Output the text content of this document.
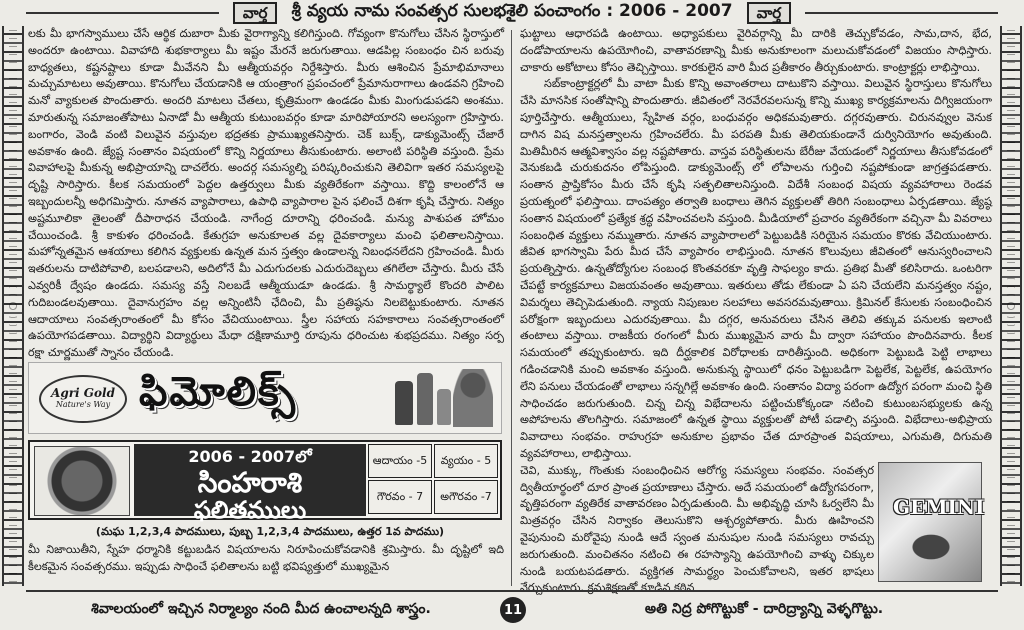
వార్త	శ్రీ వ్యయ నామ సంవత్సర సులభశైలి పంచాంగం : 2006 - 2007	వార్త

లకు మీ భాగస్వాములు చేసే ఆర్థిక దుబారా మీకు వైరాగ్యాన్ని కలిగిస్తుంది. గోవ్యంగా కొనుగోలు చేసిన స్థిరాస్తులో అందరూ ఉంటాయి. వివాహాది శుభకార్యాలు మీ ఇష్టం మేరనే జరుగుతాయి. ఆడపిల్ల సంబంధం చిన బరువు బాధ్యతలు, కష్టనష్టాలు కూడా మీవేనని మీ ఆత్మీయవర్గం నిర్దేశిస్తారు. మీరు ఆశించిన ప్రేమాభిమానాలు మచ్చుమాటలు అవుతాయి. కొనుగోలు చేయడానికి ఆ యంత్రాంగ ప్రపంచంలో ప్రేమానురాగాలు ఉండవని గ్రహించి మనో వ్యాకులత పొందుతారు. అందరి మాటలు చేతలు, కృత్రిమంగా ఉండడం మీకు మింగుడుపడని అంశము. మారుతున్న సమాజంతోపాటు ఏనాడో మీ ఆత్మీయ కుటుంబవర్గం కూడా మారిపోయారని అలస్యంగా గ్రహిస్తారు. బంగారం, వెండి వంటి విలువైన వస్తువుల భద్రతకు ప్రాముఖ్యతనిస్తారు. చెక్ బుక్స్, డాక్యుమెంట్స్ చేజారే అవకాశం ఉంది. జ్యేష్ట సంతానం విషయంలో కొన్ని నిర్ణయాలు తీసుకుంటారు. అలాంటి పరిస్థితి వస్తుంది. ప్రేమ వివాహాలపై మీకున్న అభిప్రాయాన్ని దాచలేరు. అందర్గ సమస్యల్ని పరిష్కరించుకుని తెలివిగా ఇతర సమస్యలపై దృష్టి సారిస్తారు. కీలక సమయంలో పెద్దల ఉత్తర్వులు మీకు వ్యతిరేకంగా వస్తాయి. కొద్ది కాలంలోనే ఆ ఇబ్బందులన్నీ అధిగమిస్తారు. నూతన వ్యాపారాలు, ఉపాధి వ్యాపారాల పైన ఫలించే దిశగా కృషి చేస్తారు. నిత్యం అష్టమూలికా తైలంతో దీపారాధన చేయండి. నాగేంద్ర దూరాన్ని ధరించండి. మన్యు పాశుపత హోమం చేయించండి. శ్రీ కాకుళం ధరించండి. కేతుగ్రహ అనుకూలత వల్ల దైవకార్యాలు మంచి ఫలితాలనిస్తాయి. మహోన్నతమైన ఆశయాలు కలిగిన వ్యక్తులకు ఉన్నత మన స్తత్వం ఉండాలన్న నిబంధనలేదని గ్రహించండి. మీరు ఇతరులను దాటిపోవాలి, బలపడాలని, అదిలోనే మీ ఎదుగుదలకు ఎదురుదెబ్బలు తగిలేలా చేస్తారు. మీరు చేసే ఎవ్వరికీ ద్వేషం ఉండదు. సమస్య వస్తే నిలబడే ఆత్మీయుడూ ఉండడు. శ్రీ సామర్థ్యాలే కొందరి పాలిట గుదిబండలవుతాయి. దైవానుగ్రహం వల్ల అన్నింటినీ ఛేదించి, మీ ప్రతిష్ఠను నిలబెట్టుకుంటారు. నూతన ఆదాయాలు సంవత్సరాంతంలో మీ కోసం వేచియుంటాయి. స్త్రీల సహాయ సహకారాలు సంవత్సరాంతంలో ఉపయోగపడతాయి. విద్యార్థిని విద్యార్థులు మేధా దక్షిణామూర్తి రూపును ధరించుట శుభప్రదము. నిత్యం సర్ప రక్షా చూర్ణముతో స్నానం చేయండి.

Agri Gold
Nature's Way ఫిమోలిక్స్
2006 - 2007లో
సింహరాశి
ఫలితములు
ఆదాయం -5	వ్యయం - 5
గౌరవం - 7	అగౌరవం -7
(మఘ 1,2,3,4 పాదములు, పుబ్బ 1,2,3,4 పాదములు, ఉత్తర 1వ పాదము)
మీ నిజాయితీని, స్నేహ ధర్మానికి కట్టుబడిన విషయాలను నిరూపించుకోవడానికి శ్రమిస్తారు. మీ దృష్టిలో ఇది కీలకమైన సంవత్సరము. ఇప్పుడు సాధించే ఫలితాలను బట్టి భవిష్యత్తులో ముఖ్యమైన

ఘట్టాలు ఆధారపడి ఉంటాయి. అధ్యాపకులు వైరివర్గాన్ని మీ దారికి తెచ్చుకోవడం, సామ,దాన, భేద, దండోపాయాలను ఉపయోగించి, వాతావరణాన్ని మీకు అనుకూలంగా మలుచుకోవడంలో విజయం సాధిస్తారు. చాకారు అకోటాలు కోసం తెచ్చిస్తాయి. కారకులైన వారి మీద ప్రతీకారం తీర్చుకుంటారు. కాంట్రాక్టర్లు లాభిస్తాయి.

సబ్‌కాంట్రాక్టర్లలో మీ వాటా మీకు కొన్ని అవాంతరాలు దాటుకొని వస్తాయి. విలువైన స్థిరాస్తులు కొనుగోలు చేసి మానసిక సంతోషాన్ని పొందుతారు. జీవితంలో నెరవేరవలసున్న కొన్ని ముఖ్య కార్యక్రమాలను దిగ్విజయంగా పూర్తిచేస్తారు. ఆత్మీయులు, స్నేహిత వర్గం, బంధువర్గం అధికమవుతారు. దగ్గరవుతారు. చిరునవ్వుల వెనుక దాగిన విష మనస్తత్వాలను గ్రహించలేరు. మీ పరపతి మీకు తెలియకుండానే దుర్వినియోగం అవుతుంది. మితిమీరిన ఆత్మవిశ్వాసం వల్ల నష్టపోతారు. వాస్తవ పరిస్థితులను బేరీజు వేయడంలో నిర్ణయాలు తీసుకోవడంలో వెనుకబడి చురుకుదనం లోపిస్తుంది. డాక్యుమెంట్స్ లో లోపాలను గుర్తించి నష్టపోకుండా జాగ్రత్తపడతారు. సంతాన ప్రాప్తికోసం మీరు చేసే కృషి సత్ఫలితాలనిస్తుంది. విదేశీ సంబంధ విషయ వ్యవహారాలు రెండవ ప్రయత్నంలో ఫలిస్తాయి. దాంపత్యం తర్వాతి బంధాలు తెగిన వ్యక్తులతో తిరిగి సంబంధాలు ఏర్పడతాయి. జ్యేష్ఠ సంతాన విషయంలో ప్రత్యేక శ్రద్ధ వహించవలసి వస్తుంది. మీడియాలో ప్రచారం వ్యతిరేకంగా వచ్చినా మీ వివరాలు సంబంధిత వ్యక్తులు నమ్ముతారు. నూతన వ్యాపారాలలో పెట్టుబడికి సరియైన సమయం కొరకు వేచియుంటారు. జీవిత భాగస్వామి పేరు మీద చేసే వ్యాపారం లాభిస్తుంది. నూతన కొలువులు జీవితంలో ఆనుస్వరించాలని ప్రయత్నిస్తారు. ఉన్నతోద్యోగుల సంబంధ కొంతవరకూ వృత్తి సాఫల్యం కాదు. ప్రతిభ మీతో కలిసిరాదు. ఒంటరిగా చేపట్టే కార్యక్రమాలు విజయవంతం అవుతాయి. ఇతరులు తోడు లేకుండా ఏ పని చేయలేని మనస్తత్వం నష్టం, విమర్శలు తెచ్చిపెడుతుంది. న్యాయ నిపుణుల సలహాలు అవసరమవుతాయి. క్రిమినల్ కేసులకు సంబంధించిన పరోక్షంగా ఇబ్బందులు ఎదురవుతాయి. మీ దగ్గర, అనువరులు చేసిన తెలివి తక్కువ పనులకు ఇలాంటి తంటాలు వస్తాయి. రాజకీయ రంగంలో మీరు ముఖ్యమైన వారు మీ ద్వారా సహాయం పొందినవారు. కీలక సమయంలో తప్పుకుంటారు. ఇది దీర్ఘకాలిక విరోధాలకు దారితీస్తుంది. అధికంగా పెట్టుబడి పెట్టి లాభాలు గడించడానికి మంచి అవకాశం వస్తుంది. అనుకున్న స్థాయిలో ధనం పెట్టుబడిగా పెట్టలేక, పెట్టలేక, ఉపయోగం లేని పనులు చేయడంతో లాభాలు సన్నగిల్లే అవకాశం ఉంది. సంతానం విద్యా పరంగా ఉద్యోగ పరంగా మంచి స్థితి సాధించడం జరుగుతుంది. చిన్న చిన్న విభేదాలను పట్టించుకోక్కండా నటించి కుటుంబసభ్యులకు ఉన్న అపోహలను తొలగిస్తారు. సమాజంలో ఉన్నత స్థాయి వ్యక్తులతో పోటీ పడాల్సి వస్తుంది. విభేదాలు-అభిప్రాయ వివాదాలు సంభవం. రాహుగ్రహ అనుకూల ప్రభావం చేత దూరప్రాంత విషయాలు, ఎగుమతి, దిగుమతి వ్యవహారాలు, లాభిస్తాయి.

చెవి, ముక్కు, గొంతుకు సంబంధించిన ఆరోగ్య సమస్యలు సంభవం. సంవత్సర ద్వితీయార్థంలో దూర ప్రాంత ప్రయాణాలు చేస్తారు. అదే సమయంలో ఉద్యోగపరంగా, వృత్తిపరంగా వ్యతిరేక వాతావరణం ఏర్పడుతుంది. మీ అభివృద్ధి చూసి ఓర్వలేని మీ మిత్రవర్గం చేసిన నిర్వాకం తెలుసుకొని ఆశ్చర్యపోతారు. మీరు ఊహించని వైపునుంచి మరోవైపు నుండి ఆదే స్వంత మనుషుల నుండి సమస్యలు రావచ్చు జరుగుతుంది. మంచితనం నటించి ఈ రహస్యాన్ని ఉపయోగించి వాళ్ళు చిక్కుల నుండి బయటపడతారు. వ్యక్తిగత సామర్థ్యం పెంచుకోవాలని, ఇతర భాషలు నేర్చుకుంటారు. క్రమశిక్షణతో కూడిన కఠిన

GEMINI
శివాలయంలో ఇచ్చిన నిర్మాల్యం నంది మీద ఉంచాలన్నది శాస్త్రం.	11	అతి నిద్ర పోగొట్టుకో - దారిద్ర్యాన్ని వెళ్ళగొట్టు.
